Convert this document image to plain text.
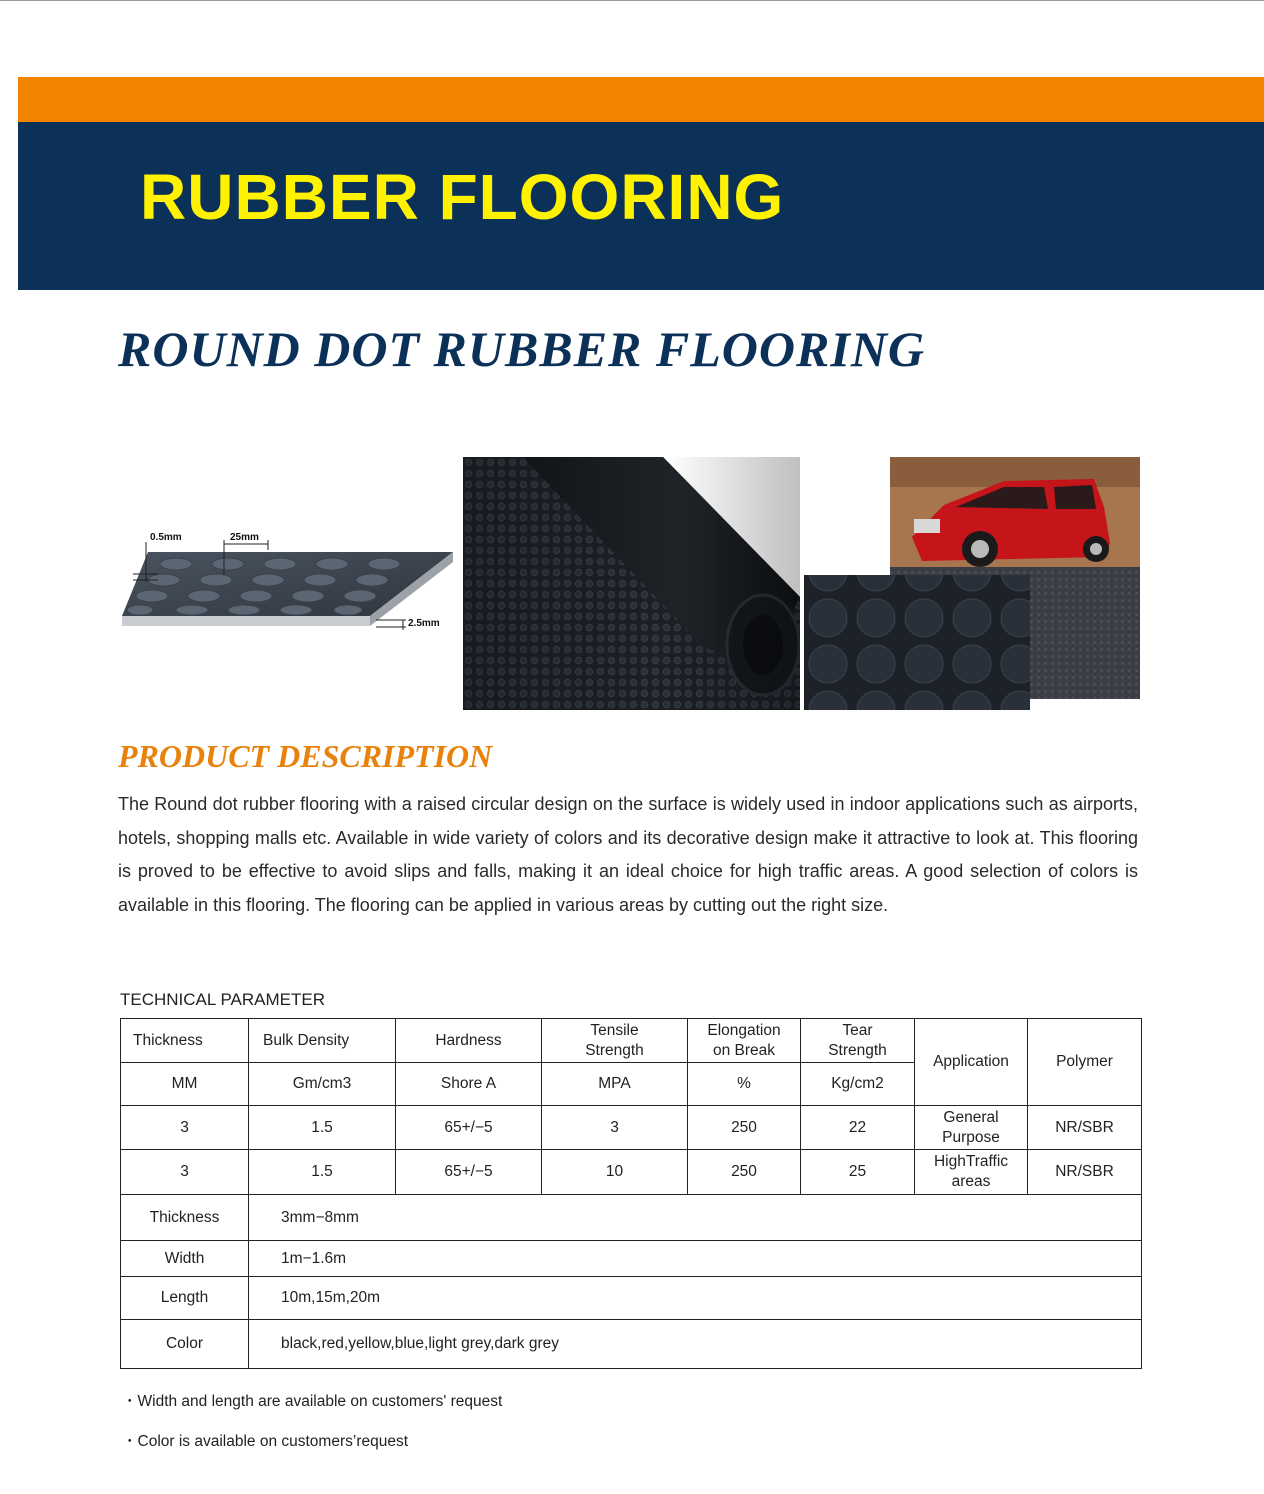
RUBBER FLOORING
ROUND DOT RUBBER FLOORING
0.5mm	25mm
2.5mm
PRODUCT DESCRIPTION

The Round dot rubber flooring with a raised circular design on the surface is widely used in indoor applications such as airports, hotels, shopping malls etc. Available in wide variety of colors and its decorative design make it attractive to look at. This flooring is proved to be effective to avoid slips and falls, making it an ideal choice for high traffic areas. A good selection of colors is available in this flooring. The flooring can be applied in various areas by cutting out the right size.

TECHNICAL PARAMETER

Thickness	Bulk Density	Hardness	Tensile Strength	Elongation on Break	Tear Strength	Application	Polymer
MM	Gm/cm3	Shore A	MPA	%	Kg/cm2		
3	1.5	65+/−5	3	250	22	General Purpose	NR/SBR
3	1.5	65+/−5	10	250	25	HighTraffic areas	NR/SBR
Thickness	3mm−8mm						
Width	1m−1.6m						
Length	10m,15m,20m						
Color	black,red,yellow,blue,light grey,dark grey						

・Width and length are available on customers' request

・Color is available on customers’request
